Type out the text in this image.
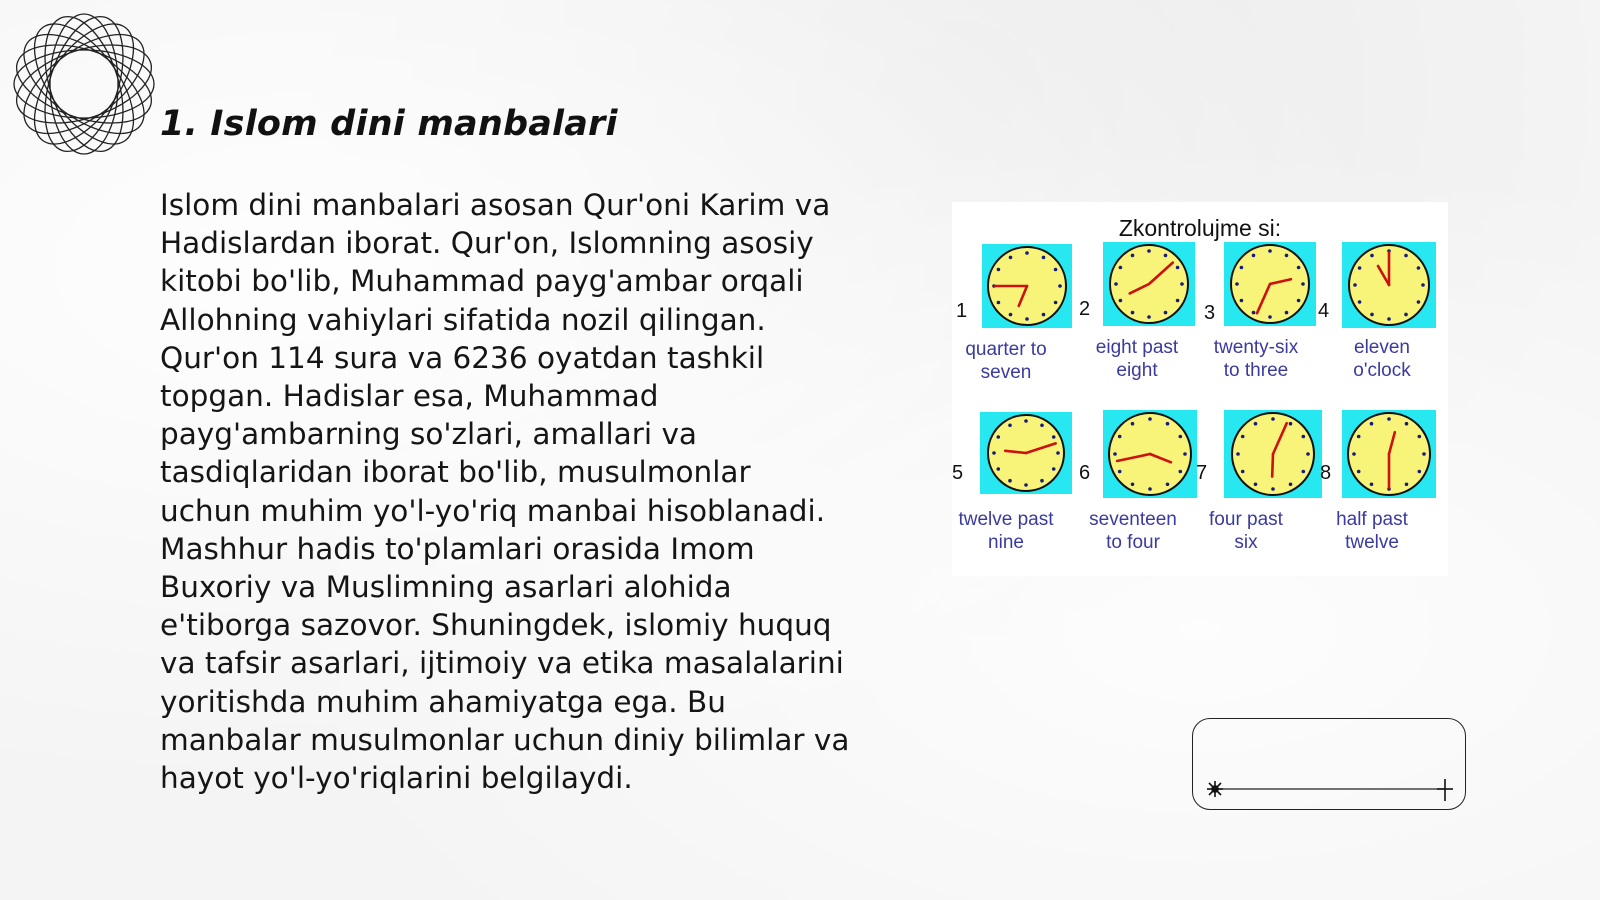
1. Islom dini manbalari
Islom dini manbalari asosan Qur'oni Karim va Hadislardan iborat. Qur'on, Islomning asosiy kitobi bo'lib, Muhammad payg'ambar orqali Allohning vahiylari sifatida nozil qilingan. Qur'on 114 sura va 6236 oyatdan tashkil topgan. Hadislar esa, Muhammad payg'ambarning so'zlari, amallari va tasdiqlaridan iborat bo'lib, musulmonlar uchun muhim yo'l-yo'riq manbai hisoblanadi. Mashhur hadis to'plamlari orasida Imom Buxoriy va Muslimning asarlari alohida e'tiborga sazovor. Shuningdek, islomiy huquq va tafsir asarlari, ijtimoiy va etika masalalarini yoritishda muhim ahamiyatga ega. Bu manbalar musulmonlar uchun diniy bilimlar va hayot yo'l-yo'riqlarini belgilaydi.
Zkontrolujme si:
1
quarter to
seven
2
eight past
eight
3
twenty-six
to three
4
eleven
o'clock
5
twelve past
nine
6
seventeen
to four
7
four past
six
8
half past
twelve
